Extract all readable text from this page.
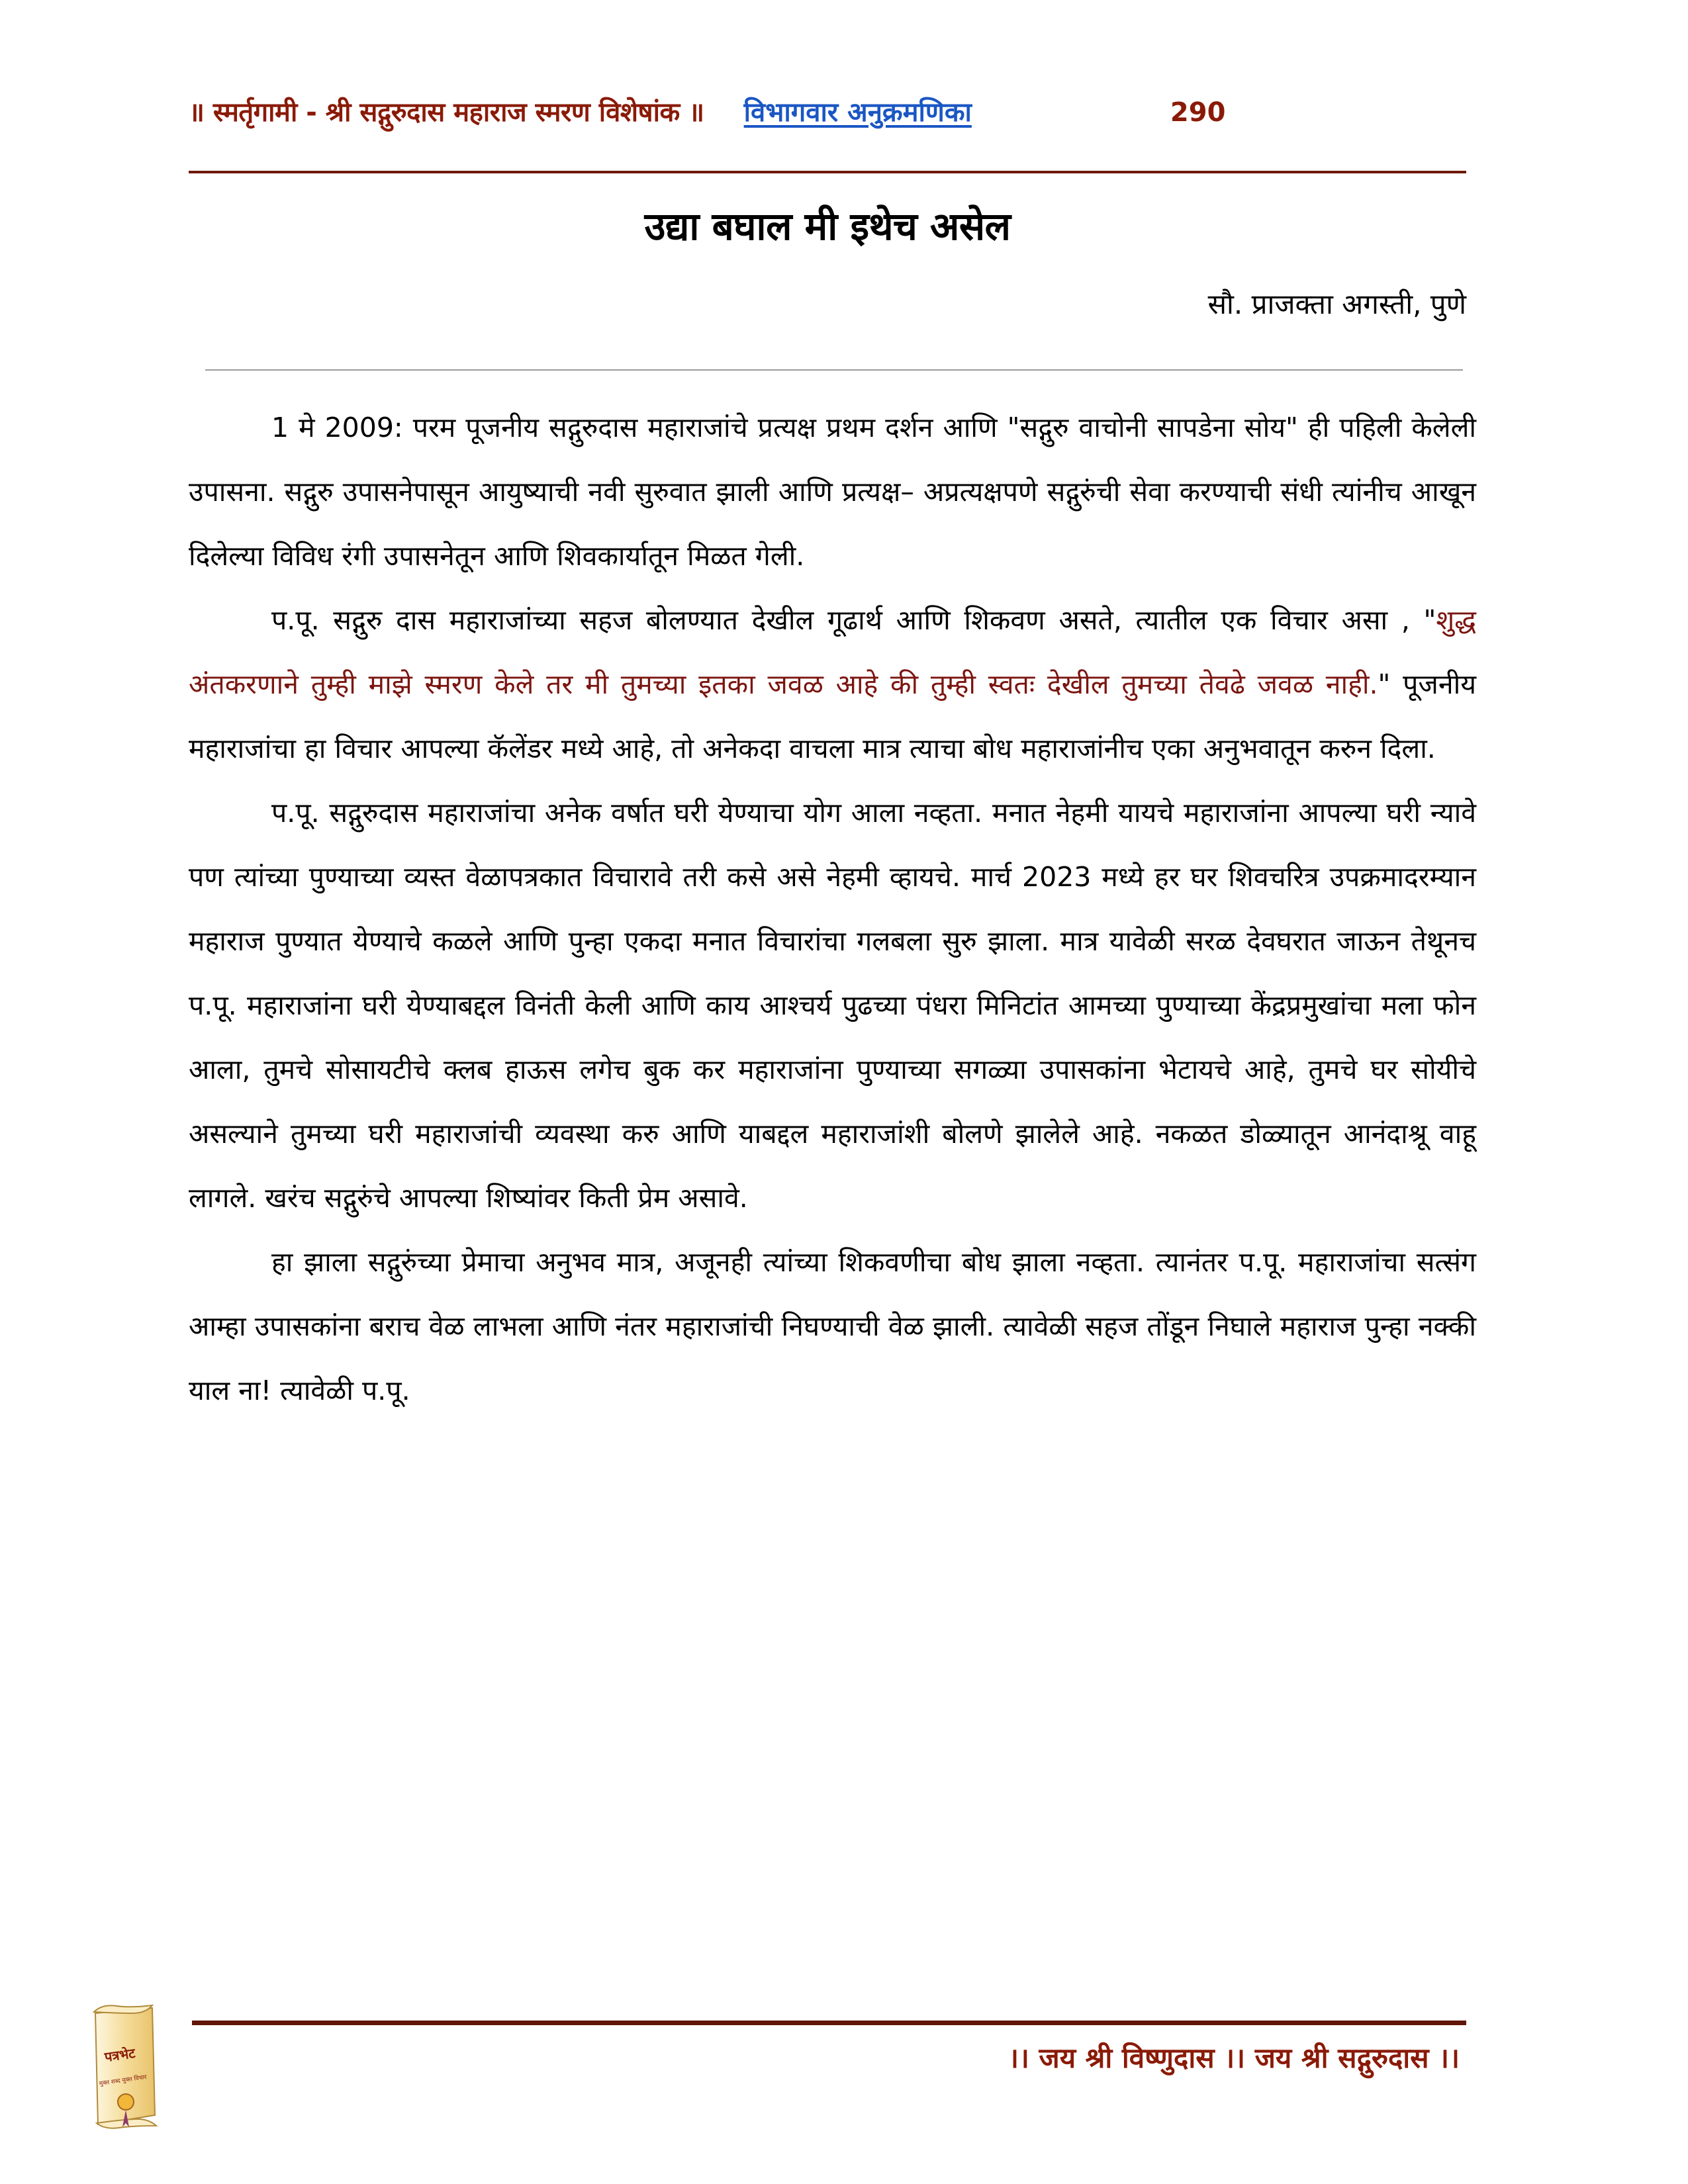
॥ स्मर्तृगामी - श्री सद्गुरुदास महाराज स्मरण विशेषांक ॥ विभागवार अनुक्रमणिका	290
उद्या बघाल मी इथेच असेल
सौ. प्राजक्ता अगस्ती, पुणे

1 मे 2009: परम पूजनीय सद्गुरुदास महाराजांचे प्रत्यक्ष प्रथम दर्शन आणि "सद्गुरु वाचोनी सापडेना सोय" ही पहिली केलेली उपासना. सद्गुरु उपासनेपासून आयुष्याची नवी सुरुवात झाली आणि प्रत्यक्ष– अप्रत्यक्षपणे सद्गुरुंची सेवा करण्याची संधी त्यांनीच आखून दिलेल्या विविध रंगी उपासनेतून आणि शिवकार्यातून मिळत गेली.

प.पू. सद्गुरु दास महाराजांच्या सहज बोलण्यात देखील गूढार्थ आणि शिकवण असते, त्यातील एक विचार असा , "शुद्ध अंतकरणाने तुम्ही माझे स्मरण केले तर मी तुमच्या इतका जवळ आहे की तुम्ही स्वतः देखील तुमच्या तेवढे जवळ नाही." पूजनीय महाराजांचा हा विचार आपल्या कॅलेंडर मध्ये आहे, तो अनेकदा वाचला मात्र त्याचा बोध महाराजांनीच एका अनुभवातून करुन दिला.

प.पू. सद्गुरुदास महाराजांचा अनेक वर्षात घरी येण्याचा योग आला नव्हता. मनात नेहमी यायचे महाराजांना आपल्या घरी न्यावे पण त्यांच्या पुण्याच्या व्यस्त वेळापत्रकात विचारावे तरी कसे असे नेहमी व्हायचे. मार्च 2023 मध्ये हर घर शिवचरित्र उपक्रमादरम्यान महाराज पुण्यात येण्याचे कळले आणि पुन्हा एकदा मनात विचारांचा गलबला सुरु झाला. मात्र यावेळी सरळ देवघरात जाऊन तेथूनच प.पू. महाराजांना घरी येण्याबद्दल विनंती केली आणि काय आश्चर्य पुढच्या पंधरा मिनिटांत आमच्या पुण्याच्या केंद्रप्रमुखांचा मला फोन आला, तुमचे सोसायटीचे क्लब हाऊस लगेच बुक कर महाराजांना पुण्याच्या सगळ्या उपासकांना भेटायचे आहे, तुमचे घर सोयीचे असल्याने तुमच्या घरी महाराजांची व्यवस्था करु आणि याबद्दल महाराजांशी बोलणे झालेले आहे. नकळत डोळ्यातून आनंदाश्रू वाहू लागले. खरंच सद्गुरुंचे आपल्या शिष्यांवर किती प्रेम असावे.

हा झाला सद्गुरुंच्या प्रेमाचा अनुभव मात्र, अजूनही त्यांच्या शिकवणीचा बोध झाला नव्हता. त्यानंतर प.पू. महाराजांचा सत्संग आम्हा उपासकांना बराच वेळ लाभला आणि नंतर महाराजांची निघण्याची वेळ झाली. त्यावेळी सहज तोंडून निघाले महाराज पुन्हा नक्की याल ना! त्यावेळी प.पू.

पत्रभेट
मुक्त शब्द मुक्त विचार
।। जय श्री विष्णुदास ।। जय श्री सद्गुरुदास ।।
